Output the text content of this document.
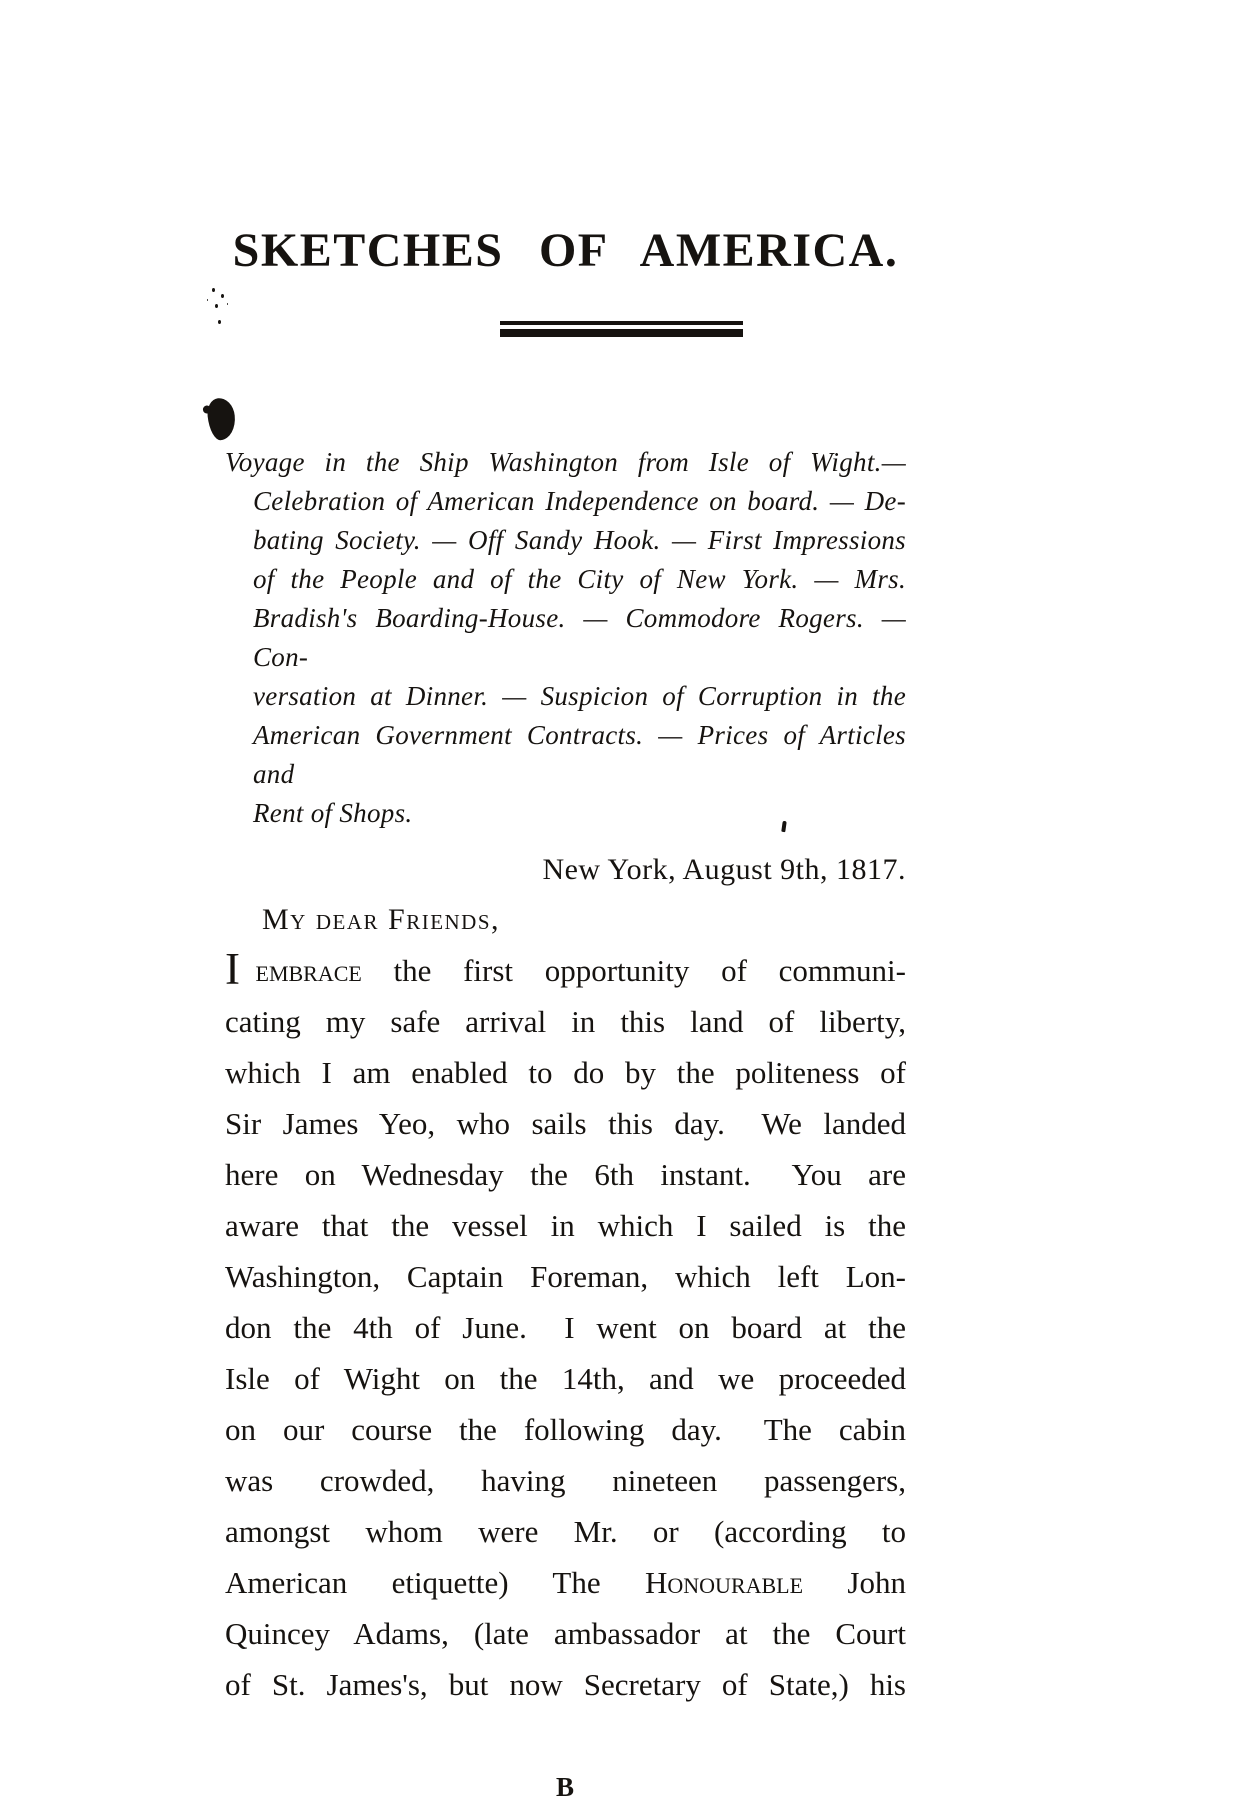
SKETCHES OF AMERICA.
Voyage in the Ship Washington from Isle of Wight.—
Celebration of American Independence on board. — De-
bating Society. — Off Sandy Hook. — First Impressions
of the People and of the City of New York. — Mrs.
Bradish's Boarding-House. — Commodore Rogers. — Con-
versation at Dinner. — Suspicion of Corruption in the
American Government Contracts. — Prices of Articles and
Rent of Shops.
New York, August 9th, 1817.
My dear Friends,
I  embrace the first opportunity of communi-
cating my safe arrival in this land of liberty,
which I am enabled to do by the politeness of
Sir James Yeo, who sails this day.  We landed
here on Wednesday the 6th instant.  You are
aware that the vessel in which I sailed is the
Washington, Captain Foreman, which left Lon-
don the 4th of June.  I went on board at the
Isle of Wight on the 14th, and we proceeded
on our course the following day.  The cabin
was crowded, having nineteen passengers,
amongst whom were Mr. or (according to
American etiquette) The Honourable John
Quincey Adams, (late ambassador at the Court
of St. James's, but now Secretary of State,) his
B
